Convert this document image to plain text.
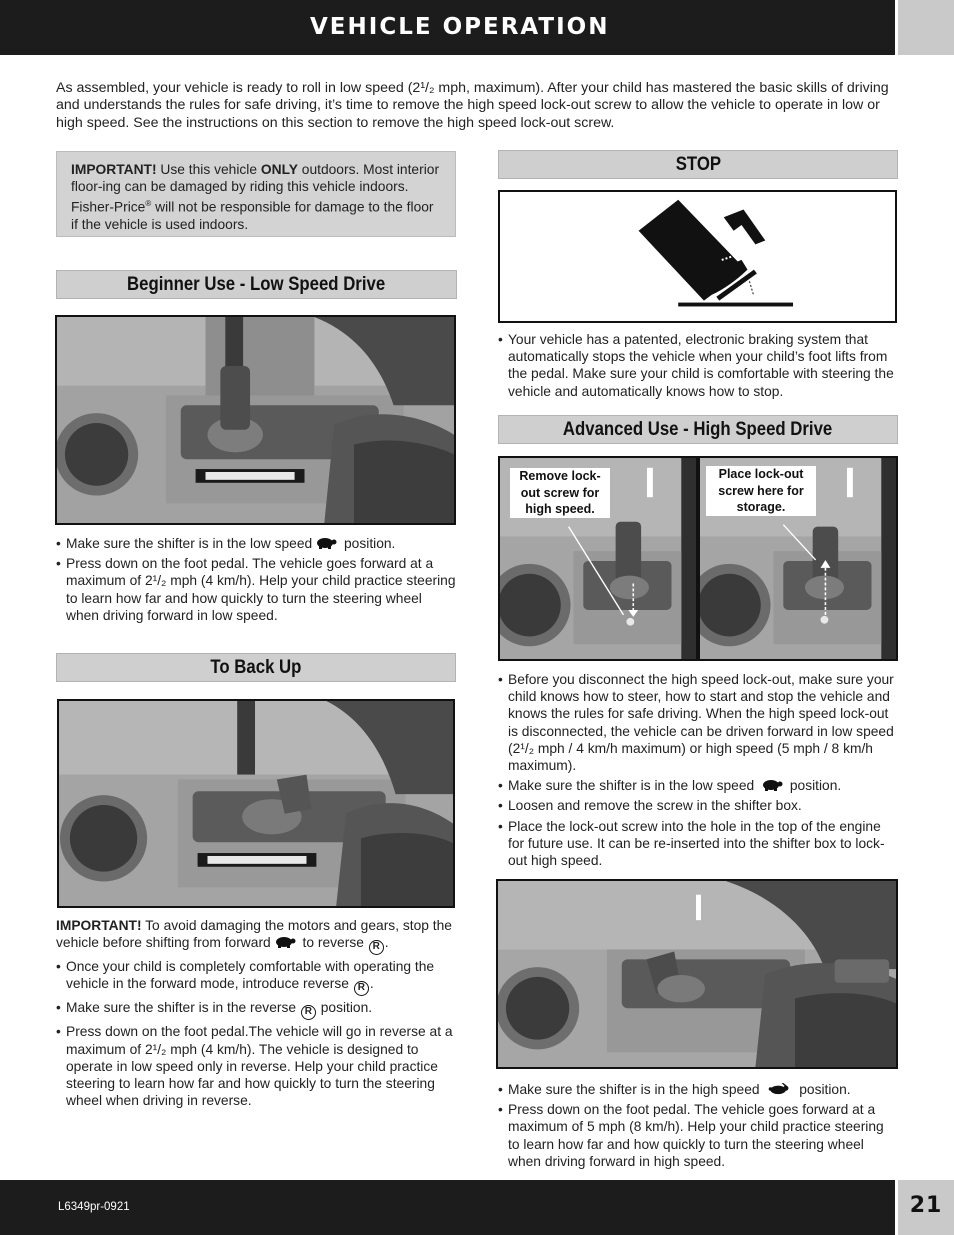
VEHICLE OPERATION
As assembled, your vehicle is ready to roll in low speed (2¹/₂ mph, maximum). After your child has mastered the basic skills of driving and understands the rules for safe driving, it’s time to remove the high speed lock-out screw to allow the vehicle to operate in low or high speed. See the instructions on this section to remove the high speed lock-out screw.
IMPORTANT! Use this vehicle ONLY outdoors. Most interior floor-ing can be damaged by riding this vehicle indoors. Fisher-Price® will not be responsible for damage to the floor if the vehicle is used indoors.
Beginner Use - Low Speed Drive
• Make sure the shifter is in the low speed position.
• Press down on the foot pedal. The vehicle goes forward at a maximum of 2¹/₂ mph (4 km/h). Help your child practice steering to learn how far and how quickly to turn the steering wheel when driving forward in low speed.
To Back Up
IMPORTANT! To avoid damaging the motors and gears, stop the vehicle before shifting from forward to reverse R .
• Once your child is completely comfortable with operating the vehicle in the forward mode, introduce reverse R .
• Make sure the shifter is in the reverse R position.
• Press down on the foot pedal.The vehicle will go in reverse at a maximum of 2¹/₂ mph (4 km/h). The vehicle is designed to operate in low speed only in reverse. Help your child practice steering to learn how far and how quickly to turn the steering wheel when driving in reverse.
STOP
• Your vehicle has a patented, electronic braking system that automatically stops the vehicle when your child’s foot lifts from the pedal. Make sure your child is comfortable with steering the vehicle and automatically knows how to stop.
Advanced Use - High Speed Drive
Remove lock-out screw for high speed.
Place lock-out screw here for storage.
• Before you disconnect the high speed lock-out, make sure your child knows how to steer, how to start and stop the vehicle and knows the rules for safe driving. When the high speed lock-out is disconnected, the vehicle can be driven forward in low speed (2¹/₂ mph / 4 km/h maximum) or high speed (5 mph / 8 km/h maximum).
• Make sure the shifter is in the low speed  position.
• Loosen and remove the screw in the shifter box.
• Place the lock-out screw into the hole in the top of the engine for future use. It can be re-inserted into the shifter box to lock-out high speed.
• Make sure the shifter is in the high speed  position.
• Press down on the foot pedal. The vehicle goes forward at a maximum of 5 mph (8 km/h). Help your child practice steering to learn how far and how quickly to turn the steering wheel when driving forward in high speed.
L6349pr-0921	21
